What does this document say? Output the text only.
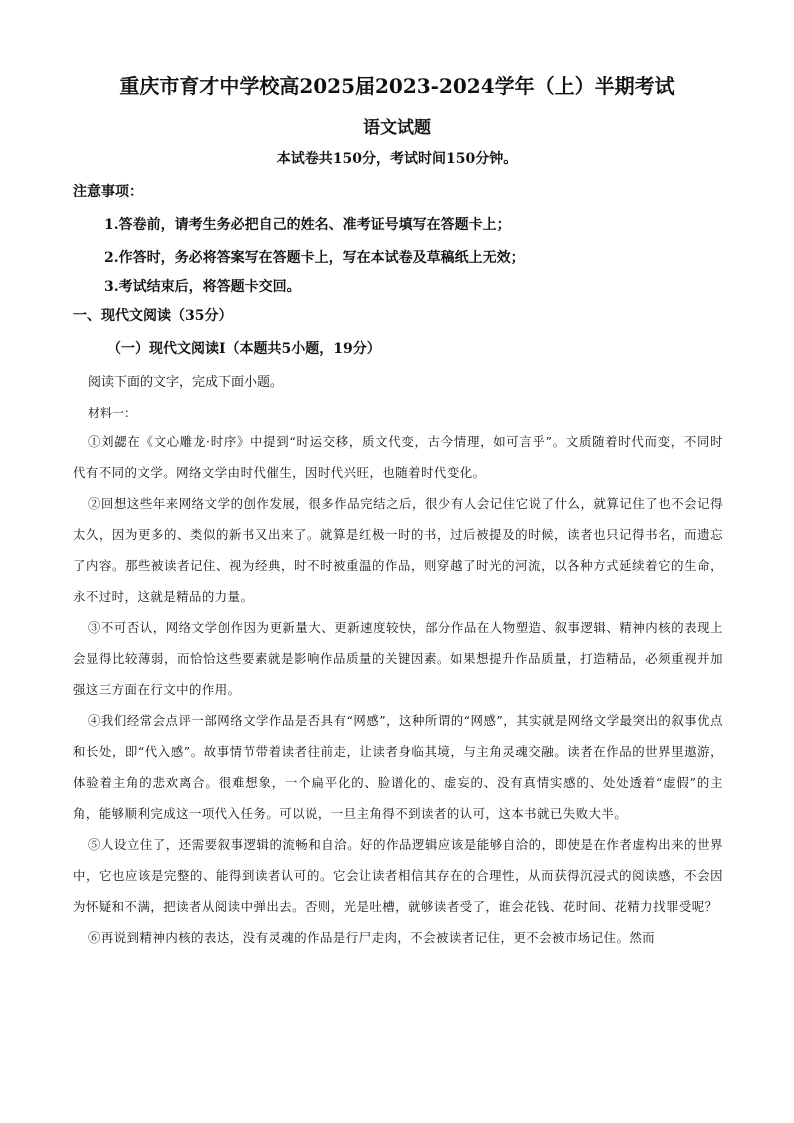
重庆市育才中学校高2025届2023-2024学年（上）半期考试
语文试题
本试卷共150分，考试时间150分钟。
注意事项：
1.答卷前，请考生务必把自己的姓名、准考证号填写在答题卡上；
2.作答时，务必将答案写在答题卡上，写在本试卷及草稿纸上无效；
3.考试结束后，将答题卡交回。
一、现代文阅读（35分）
（一）现代文阅读Ⅰ（本题共5小题，19分）
阅读下面的文字，完成下面小题。
材料一：

①刘勰在《文心雕龙·时序》中提到“时运交移，质文代变，古今情理，如可言乎”。文质随着时代而变，不同时代有不同的文学。网络文学由时代催生，因时代兴旺，也随着时代变化。

②回想这些年来网络文学的创作发展，很多作品完结之后，很少有人会记住它说了什么，就算记住了也不会记得太久，因为更多的、类似的新书又出来了。就算是红极一时的书，过后被提及的时候，读者也只记得书名，而遗忘了内容。那些被读者记住、视为经典，时不时被重温的作品，则穿越了时光的河流，以各种方式延续着它的生命，永不过时，这就是精品的力量。

③不可否认，网络文学创作因为更新量大、更新速度较快，部分作品在人物塑造、叙事逻辑、精神内核的表现上会显得比较薄弱，而恰恰这些要素就是影响作品质量的关键因素。如果想提升作品质量，打造精品，必须重视并加强这三方面在行文中的作用。

④我们经常会点评一部网络文学作品是否具有“网感”，这种所谓的“网感”，其实就是网络文学最突出的叙事优点和长处，即“代入感”。故事情节带着读者往前走，让读者身临其境，与主角灵魂交融。读者在作品的世界里遨游，体验着主角的悲欢离合。很难想象，一个扁平化的、脸谱化的、虚妄的、没有真情实感的、处处透着“虚假”的主角，能够顺利完成这一项代入任务。可以说，一旦主角得不到读者的认可，这本书就已失败大半。

⑤人设立住了，还需要叙事逻辑的流畅和自洽。好的作品逻辑应该是能够自洽的，即使是在作者虚构出来的世界中，它也应该是完整的、能得到读者认可的。它会让读者相信其存在的合理性，从而获得沉浸式的阅读感，不会因为怀疑和不满，把读者从阅读中弹出去。否则，光是吐槽，就够读者受了，谁会花钱、花时间、花精力找罪受呢？

⑥再说到精神内核的表达，没有灵魂的作品是行尸走肉，不会被读者记住，更不会被市场记住。然而
